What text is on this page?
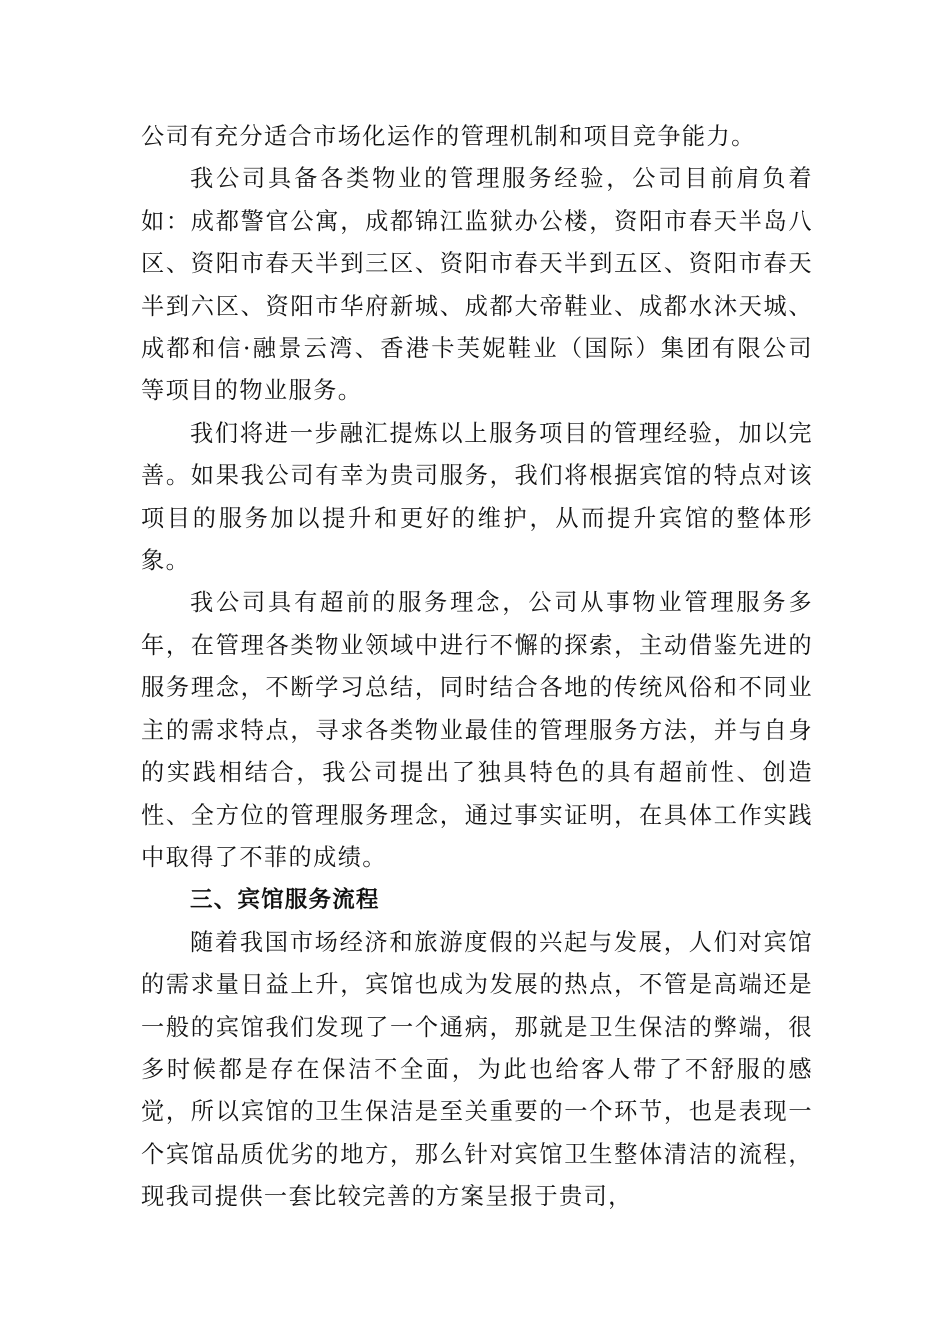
公司有充分适合市场化运作的管理机制和项目竞争能力。

我公司具备各类物业的管理服务经验，公司目前肩负着如：成都警官公寓，成都锦江监狱办公楼，资阳市春天半岛八区、资阳市春天半到三区、资阳市春天半到五区、资阳市春天半到六区、资阳市华府新城、成都大帝鞋业、成都水沐天城、成都和信·融景云湾、香港卡芙妮鞋业（国际）集团有限公司等项目的物业服务。

我们将进一步融汇提炼以上服务项目的管理经验，加以完善。如果我公司有幸为贵司服务，我们将根据宾馆的特点对该项目的服务加以提升和更好的维护，从而提升宾馆的整体形象。

我公司具有超前的服务理念，公司从事物业管理服务多年，在管理各类物业领域中进行不懈的探索，主动借鉴先进的服务理念，不断学习总结，同时结合各地的传统风俗和不同业主的需求特点，寻求各类物业最佳的管理服务方法，并与自身的实践相结合，我公司提出了独具特色的具有超前性、创造性、全方位的管理服务理念，通过事实证明，在具体工作实践中取得了不菲的成绩。

三、宾馆服务流程

随着我国市场经济和旅游度假的兴起与发展，人们对宾馆的需求量日益上升，宾馆也成为发展的热点，不管是高端还是一般的宾馆我们发现了一个通病，那就是卫生保洁的弊端，很多时候都是存在保洁不全面，为此也给客人带了不舒服的感觉，所以宾馆的卫生保洁是至关重要的一个环节，也是表现一个宾馆品质优劣的地方，那么针对宾馆卫生整体清洁的流程，现我司提供一套比较完善的方案呈报于贵司，
